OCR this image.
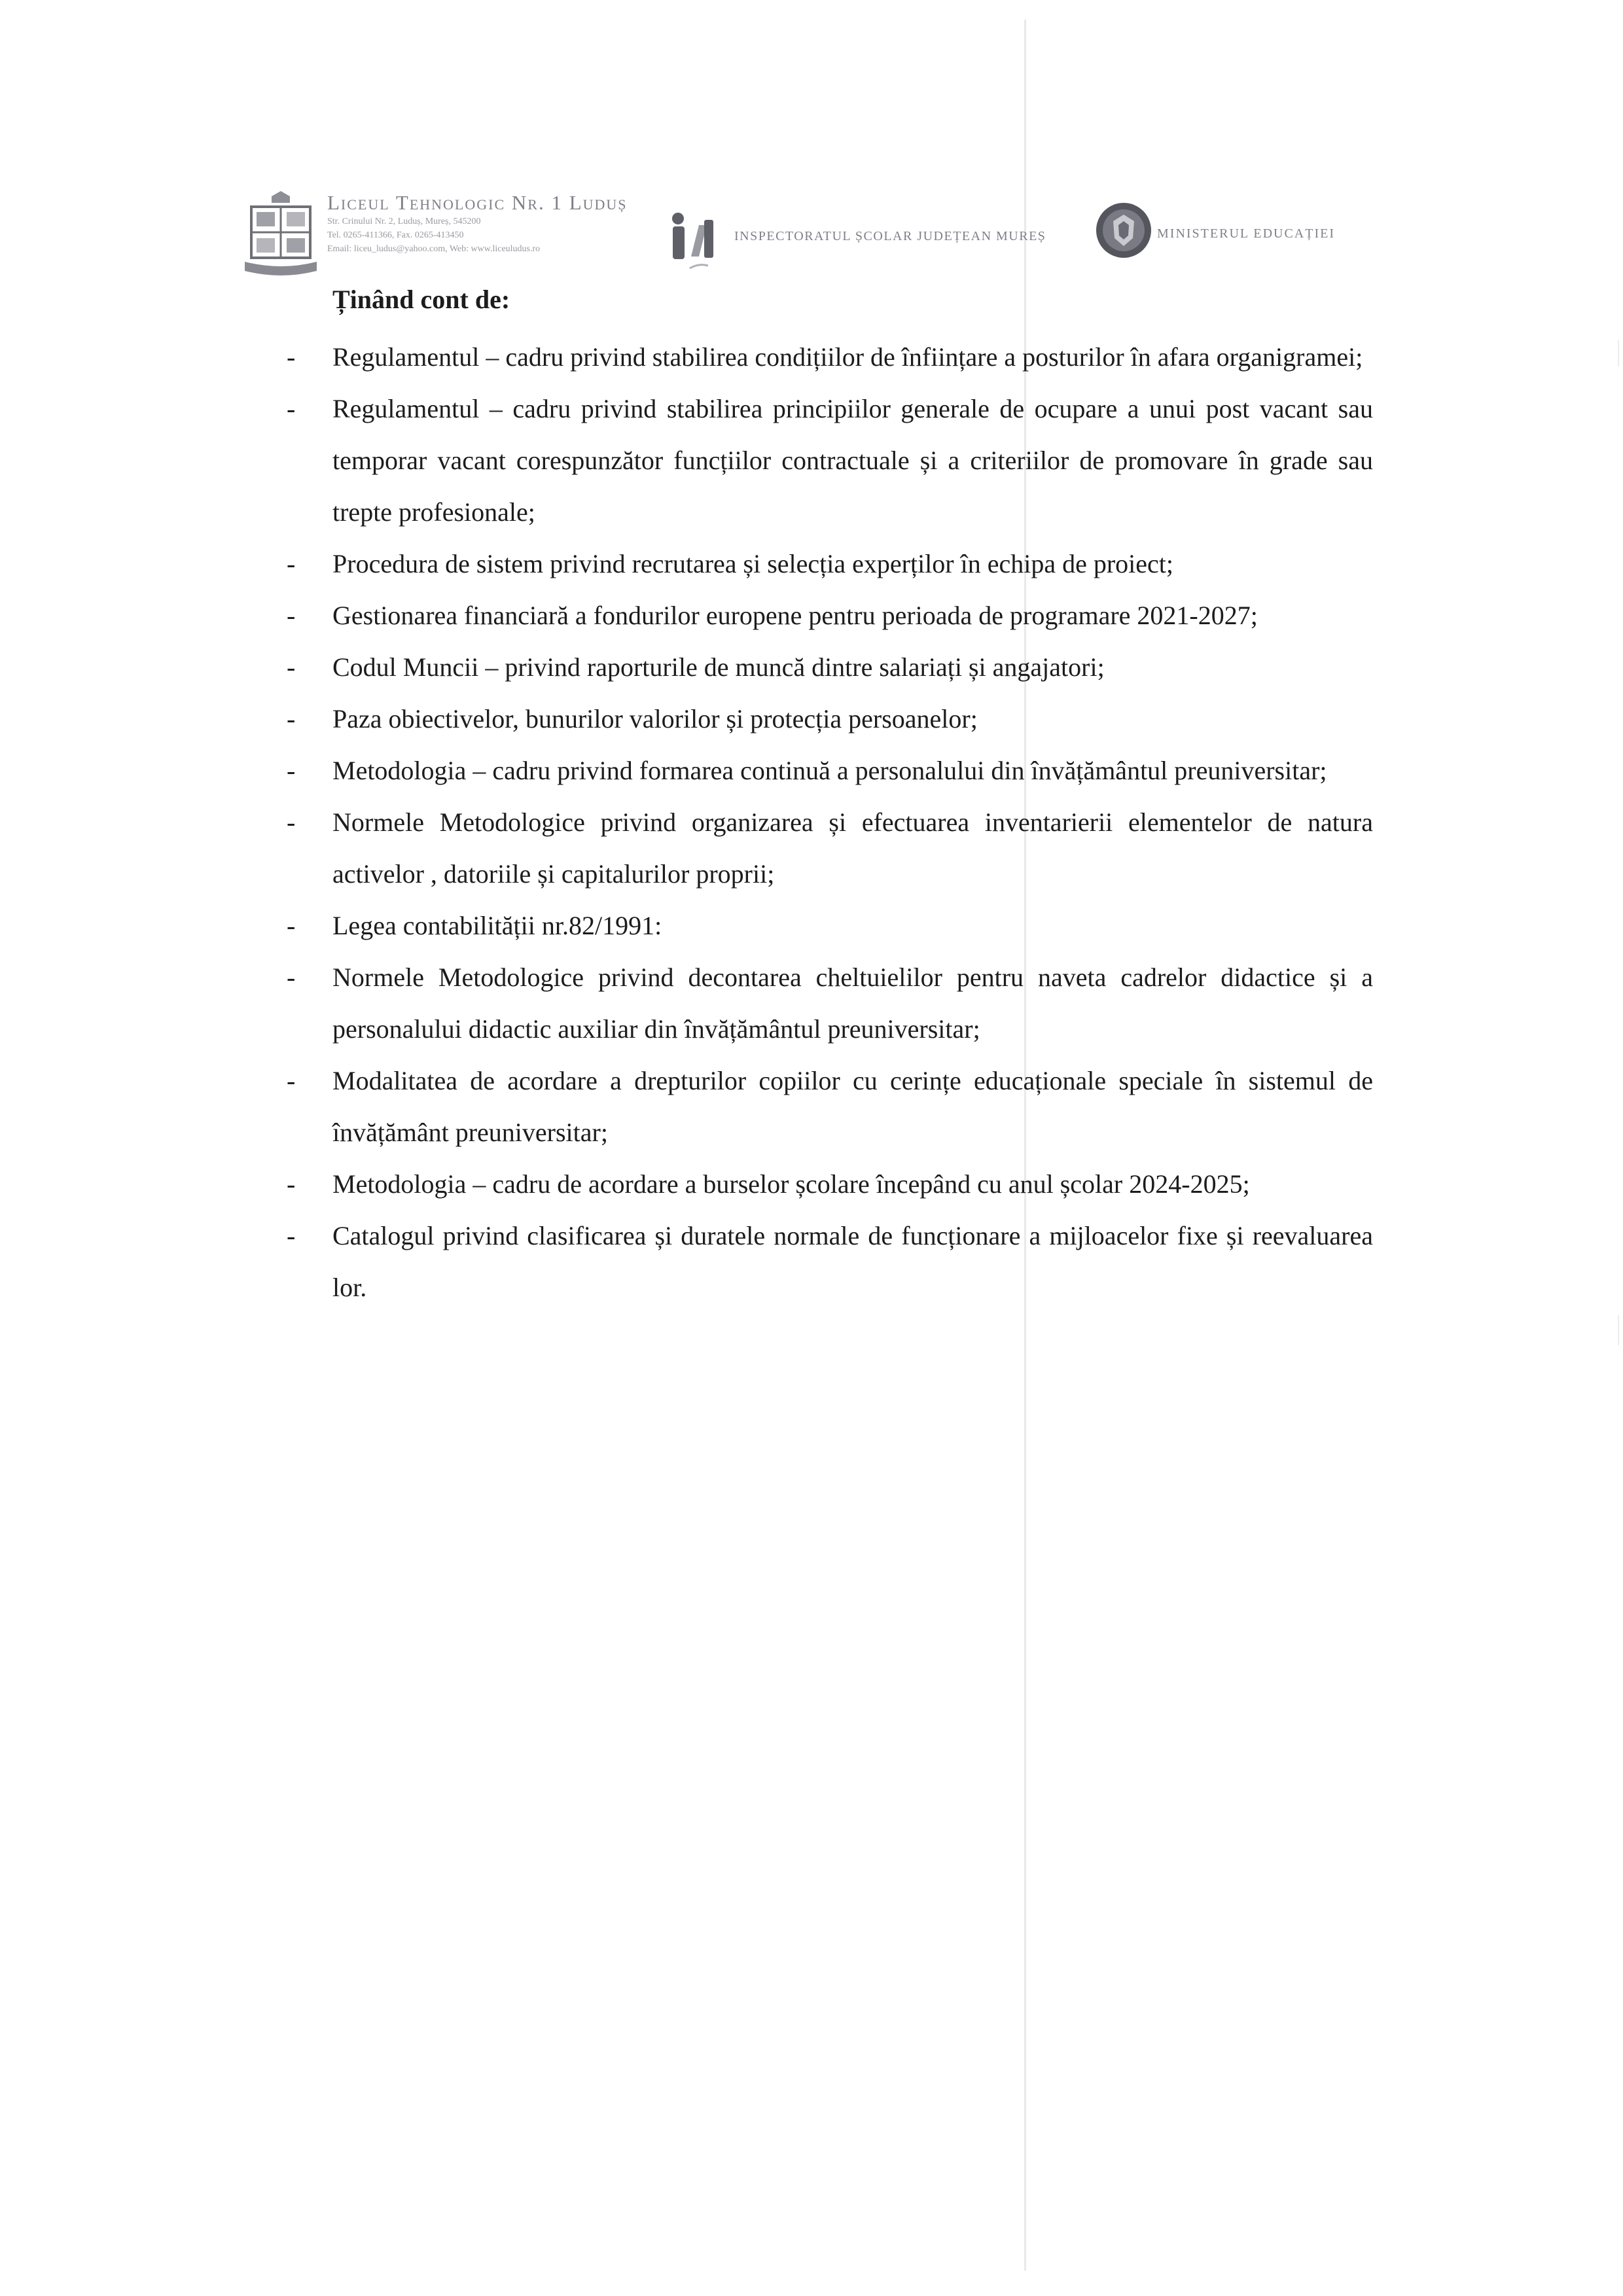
Liceul Tehnologic Nr. 1 Luduș
Str. Crinului Nr. 2, Luduș, Mureș, 545200
Tel. 0265-411366, Fax. 0265-413450
Email: liceu_ludus@yahoo.com, Web: www.liceuludus.ro
INSPECTORATUL ȘCOLAR JUDEȚEAN MUREȘ	MINISTERUL EDUCAȚIEI
Ținând cont de:
- Regulamentul – cadru privind stabilirea condițiilor de înființare a posturilor în afara organigramei;
- Regulamentul – cadru privind stabilirea principiilor generale de ocupare a unui post vacant sau temporar vacant corespunzător funcțiilor contractuale și a criteriilor de promovare în grade sau trepte profesionale;
- Procedura de sistem privind recrutarea și selecția experților în echipa de proiect;
- Gestionarea financiară a fondurilor europene pentru perioada de programare 2021-2027;
- Codul Muncii – privind raporturile de muncă dintre salariați și angajatori;
- Paza obiectivelor, bunurilor valorilor și protecția persoanelor;
- Metodologia – cadru privind formarea continuă a personalului din învățământul preuniversitar;
- Normele Metodologice privind organizarea și efectuarea inventarierii elementelor de natura activelor , datoriile și capitalurilor proprii;
- Legea contabilității nr.82/1991:
- Normele Metodologice privind decontarea cheltuielilor pentru naveta cadrelor didactice și a personalului didactic auxiliar din învățământul preuniversitar;
- Modalitatea de acordare a drepturilor copiilor cu cerințe educaționale speciale în sistemul de învățământ preuniversitar;
- Metodologia – cadru de acordare a burselor școlare începând cu anul școlar 2024-2025;
- Catalogul privind clasificarea și duratele normale de funcționare a mijloacelor fixe și reevaluarea lor.
